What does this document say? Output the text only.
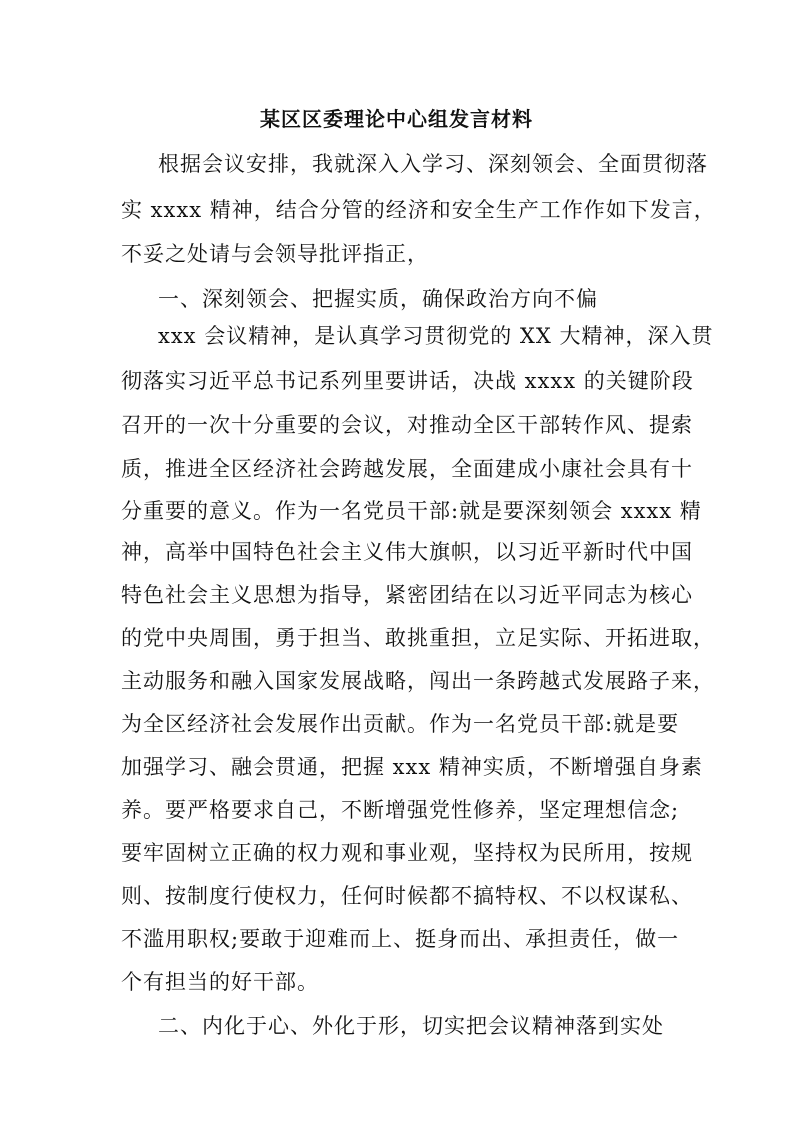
某区区委理论中心组发言材料
根据会议安排，我就深入入学习、深刻领会、全面贯彻落
实 xxxx 精神，结合分管的经济和安全生产工作作如下发言，
不妥之处请与会领导批评指正，
一、深刻领会、把握实质，确保政治方向不偏
xxx 会议精神，是认真学习贯彻党的 XX 大精神，深入贯
彻落实习近平总书记系列里要讲话，决战 xxxx 的关键阶段
召开的一次十分重要的会议，对推动全区干部转作风、提索
质，推进全区经济社会跨越发展，全面建成小康社会具有十
分重要的意义。作为一名党员干部:就是要深刻领会 xxxx 精
神，高举中国特色社会主义伟大旗帜，以习近平新时代中国
特色社会主义思想为指导，紧密团结在以习近平同志为核心
的党中央周围，勇于担当、敢挑重担，立足实际、开拓进取，
主动服务和融入国家发展战略，闯出一条跨越式发展路子来，
为全区经济社会发展作出贡献。作为一名党员干部:就是要
加强学习、融会贯通，把握 xxx 精神实质，不断增强自身素
养。要严格要求自己，不断增强党性修养，坚定理想信念;
要牢固树立正确的权力观和事业观，坚持权为民所用，按规
则、按制度行使权力，任何时候都不搞特权、不以权谋私、
不滥用职权;要敢于迎难而上、挺身而出、承担责任，做一
个有担当的好干部。
二、内化于心、外化于形，切实把会议精神落到实处
